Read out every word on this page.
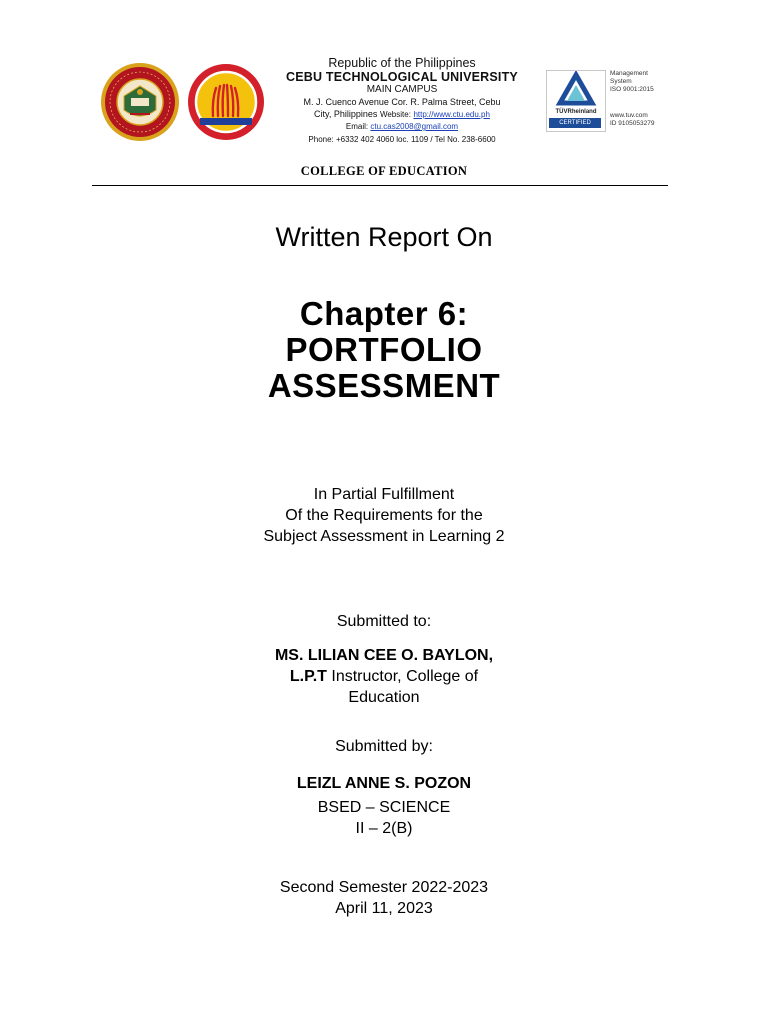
Republic of the Philippines
CEBU TECHNOLOGICAL UNIVERSITY
MAIN CAMPUS
M. J. Cuenco Avenue Cor. R. Palma Street, Cebu
City, Philippines Website: http://www.ctu.edu.ph
Email: ctu.cas2008@gmail.com
Phone: +6332 402 4060 loc. 1109 / Tel No. 238-6600
TÜVRheinland
CERTIFIED
Management
System
ISO 9001:2015
www.tuv.com
ID 9105053279
COLLEGE OF EDUCATION
Written Report On
Chapter 6:
PORTFOLIO
ASSESSMENT
In Partial Fulfillment
Of the Requirements for the
Subject Assessment in Learning 2
Submitted to:
MS. LILIAN CEE O. BAYLON,
L.P.T Instructor, College of
Education
Submitted by:
LEIZL ANNE S. POZON
BSED – SCIENCE
II – 2(B)
Second Semester 2022-2023
April 11, 2023
